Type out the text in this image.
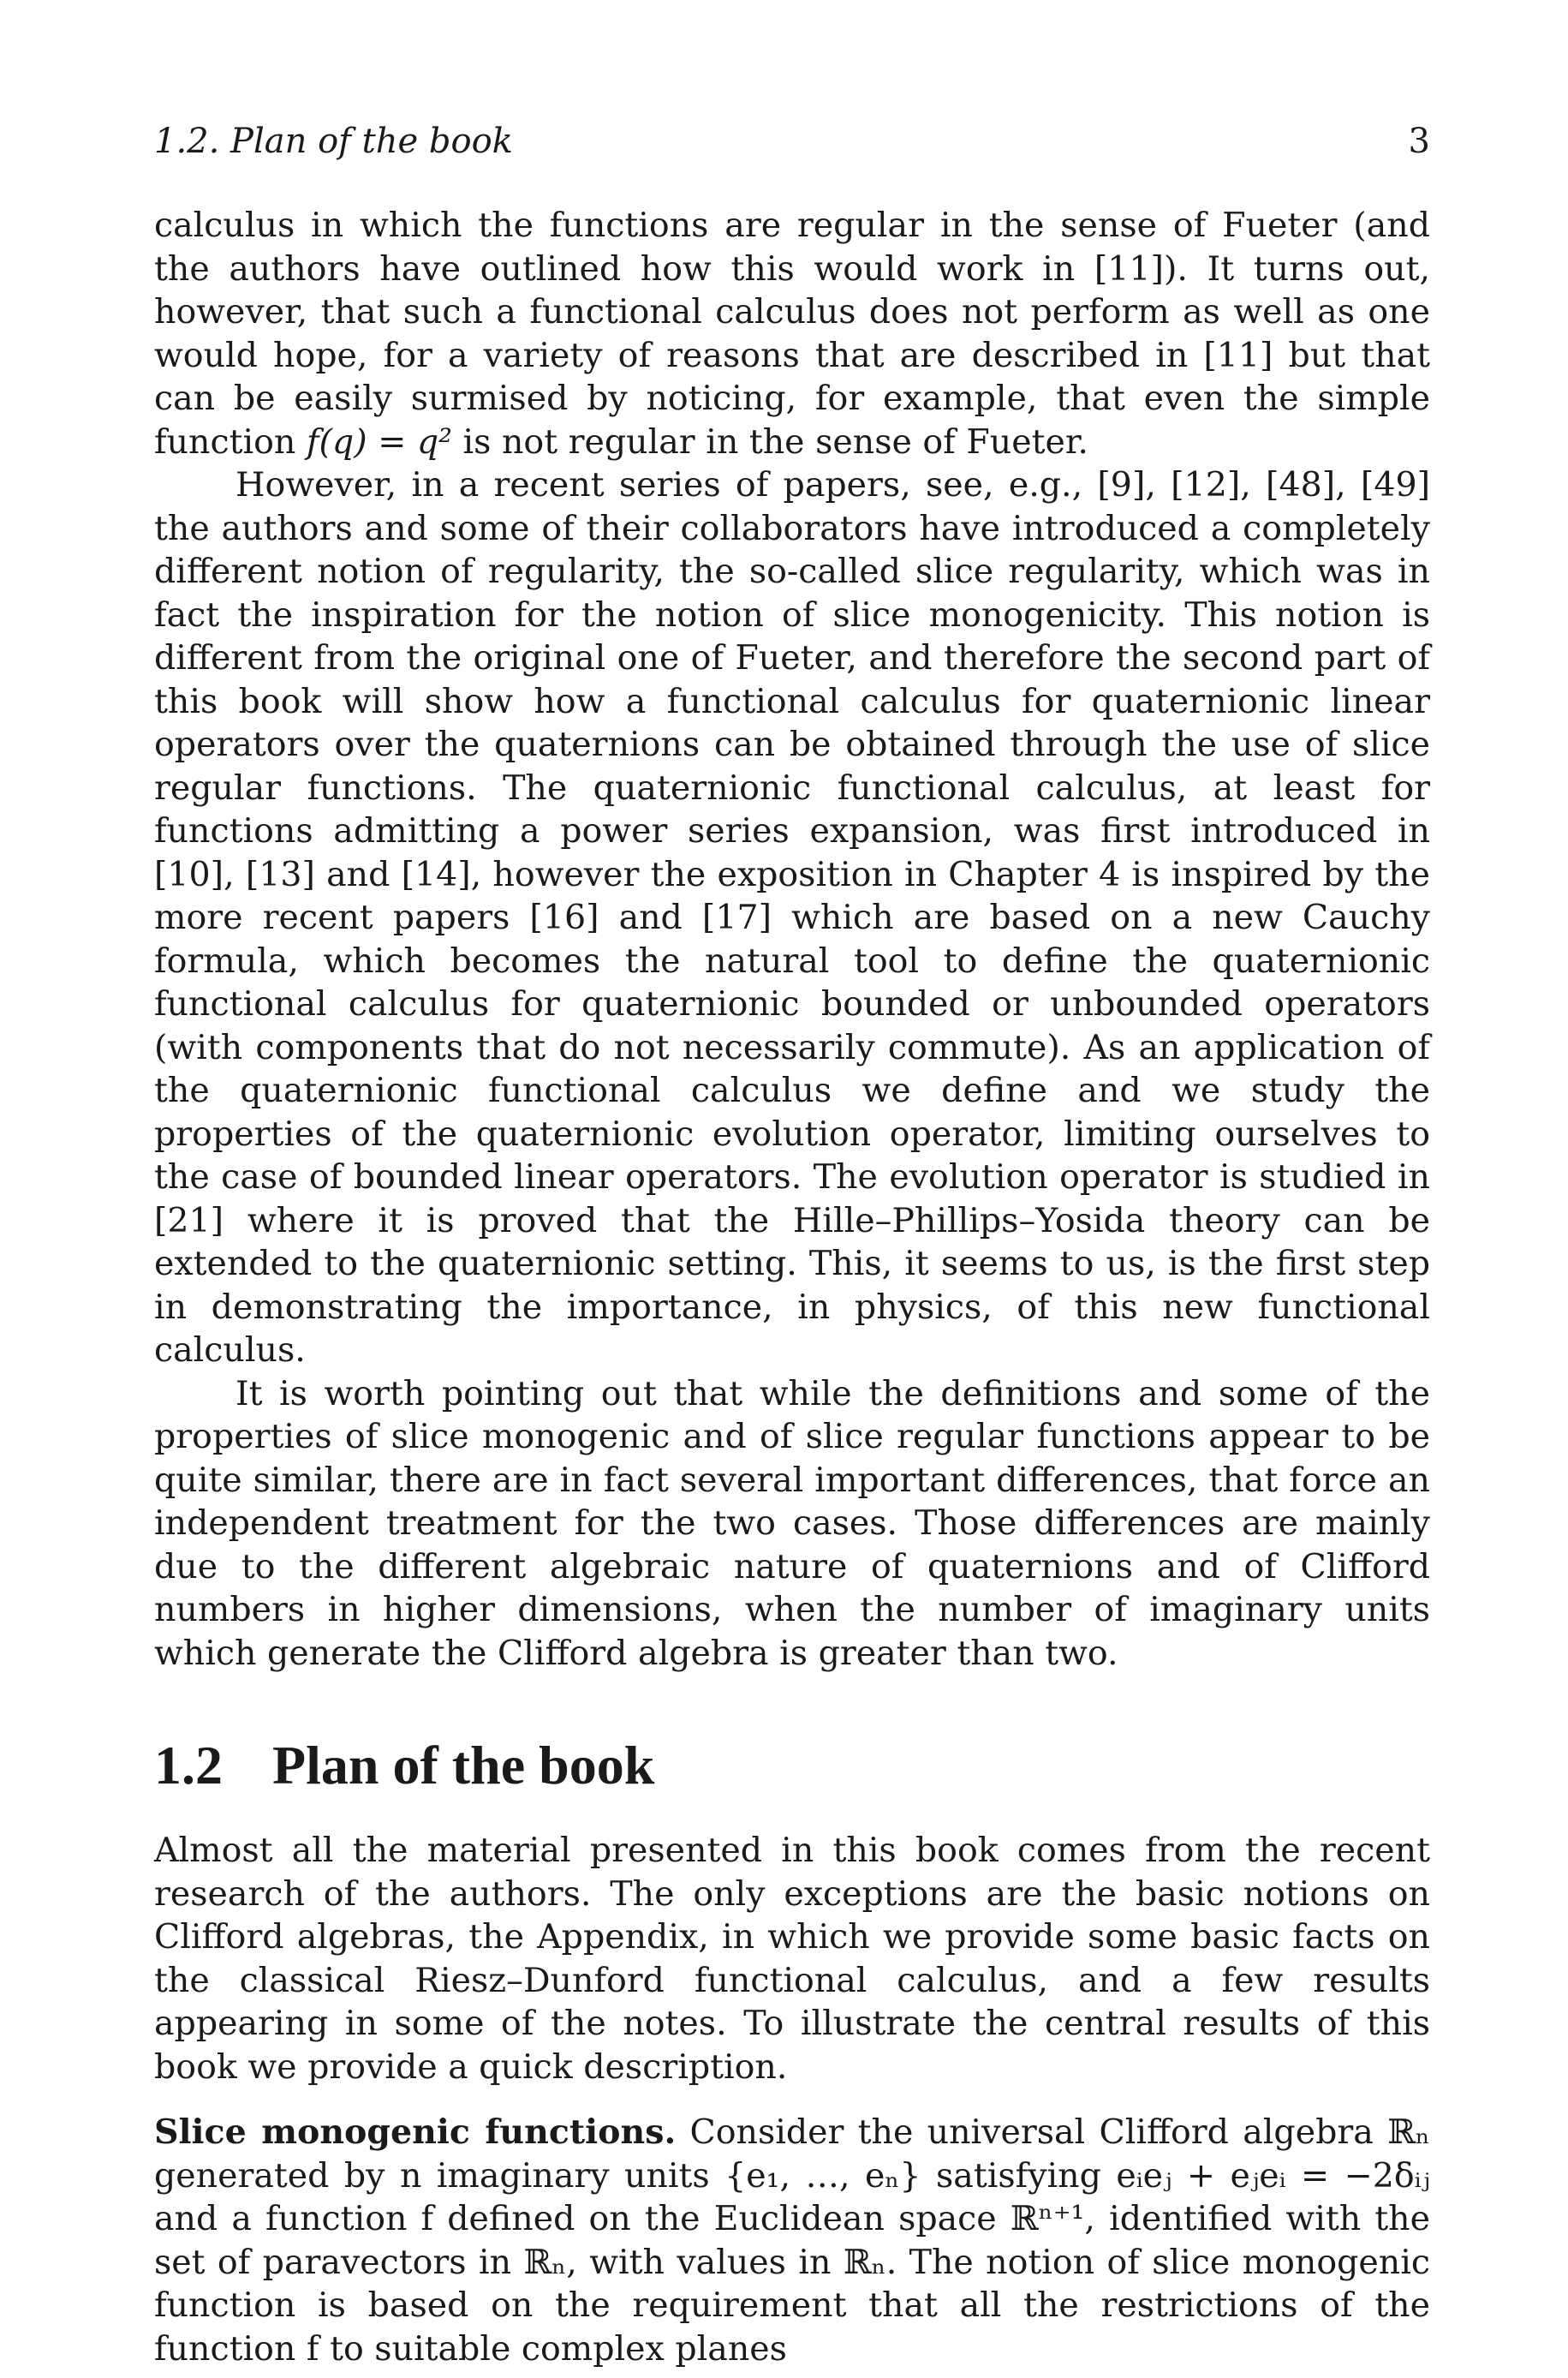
1.2. Plan of the book	3

calculus in which the functions are regular in the sense of Fueter (and the authors have outlined how this would work in [11]). It turns out, however, that such a functional calculus does not perform as well as one would hope, for a variety of reasons that are described in [11] but that can be easily surmised by noticing, for example, that even the simple function f(q) = q² is not regular in the sense of Fueter.

However, in a recent series of papers, see, e.g., [9], [12], [48], [49] the authors and some of their collaborators have introduced a completely different notion of regularity, the so-called slice regularity, which was in fact the inspiration for the notion of slice monogenicity. This notion is different from the original one of Fueter, and therefore the second part of this book will show how a functional calculus for quaternionic linear operators over the quaternions can be obtained through the use of slice regular functions. The quaternionic functional calculus, at least for functions admitting a power series expansion, was first introduced in [10], [13] and [14], however the exposition in Chapter 4 is inspired by the more recent papers [16] and [17] which are based on a new Cauchy formula, which becomes the natural tool to define the quaternionic functional calculus for quaternionic bounded or unbounded operators (with components that do not necessarily commute). As an application of the quaternionic functional calculus we define and we study the properties of the quaternionic evolution operator, limiting ourselves to the case of bounded linear operators. The evolution operator is studied in [21] where it is proved that the Hille–Phillips–Yosida theory can be extended to the quaternionic setting. This, it seems to us, is the first step in demonstrating the importance, in physics, of this new functional calculus.

It is worth pointing out that while the definitions and some of the properties of slice monogenic and of slice regular functions appear to be quite similar, there are in fact several important differences, that force an independent treatment for the two cases. Those differences are mainly due to the different algebraic nature of quaternions and of Clifford numbers in higher dimensions, when the number of imaginary units which generate the Clifford algebra is greater than two.

1.2 Plan of the book

Almost all the material presented in this book comes from the recent research of the authors. The only exceptions are the basic notions on Clifford algebras, the Appendix, in which we provide some basic facts on the classical Riesz–Dunford functional calculus, and a few results appearing in some of the notes. To illustrate the central results of this book we provide a quick description.

Slice monogenic functions. Consider the universal Clifford algebra ℝₙ generated by n imaginary units {e₁, …, eₙ} satisfying eᵢeⱼ + eⱼeᵢ = −2δᵢⱼ and a function f defined on the Euclidean space ℝⁿ⁺¹, identified with the set of paravectors in ℝₙ, with values in ℝₙ. The notion of slice monogenic function is based on the requirement that all the restrictions of the function f to suitable complex planes
